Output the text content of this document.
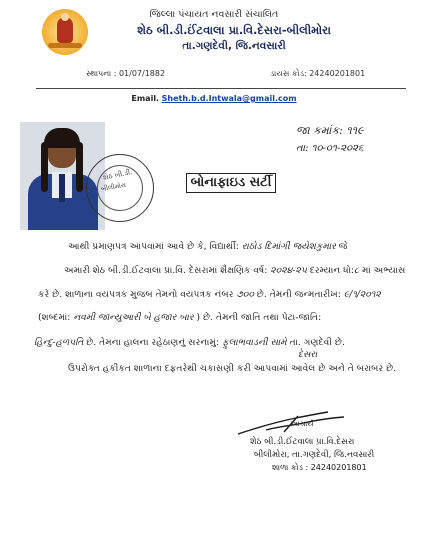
જિલ્લા પંચાયત નવસારી સંચાલિત
શેઠ બી.ડી.ઈંટવાલા પ્રા.વિ.દેસરા-બીલીમોરા
તા.ગણદેવી, જિ.નવસારી
સ્થાપના : 01/07/1882	ડાયસ કોડ: 24240201801
Email. Sheth.b.d.Intwala@gmail.com
શેઠ બી.ડી.
બીલીમોરા
જા કમાંક: ૧૧૯
તા: ૧૦-૦૧-૨૦૨૬
બોનાફાઇડ સર્ટી
આથી પ્રમાણપત્ર આપવામાં આવે છે કે, વિદ્યાર્થી: રાઠોડ દિમાંગી જયેશકુમાર જે
અમારી શેઠ બી.ડી.ઈંટવાલા પ્રા.વિ. દેસરામાં શૈક્ષણિક વર્ષ: ૨૦૨૪-૨૫ દરમ્યાન ધો:૮ માં અભ્યાસ
કરે છે. શાળાના વયપત્રક મુજબ તેમનો વયપત્રક નંબર ૭૦૦ છે. તેમની જન્મતારીખ: ૯/૧/૨૦૧૨
(શબ્દમાં: નવમી જાન્યુઆરી બે હજાર બાર ) છે. તેમની જાતિ તથા પેટા-જાતિ:
હિન્દુ-હળપતિ છે. તેમના હાલના રહેઠાણનું સરનામું: ફુલાભવાડની સામે તા. ગણદેવી છે.
દેસરા
ઉપરોક્ત હકીકત શાળાના દફતરેથી ચકાસણી કરી આપવામાં આવેલ છે અને તે બરાબર છે.
આચાર્ય
શેઠ બી.ડી.ઈંટવાલા પ્રા.વિ.દેસરા
બીલીમોરા, તા.ગણદેવી, જિ.નવસારી
શાળા કોડ : 24240201801
